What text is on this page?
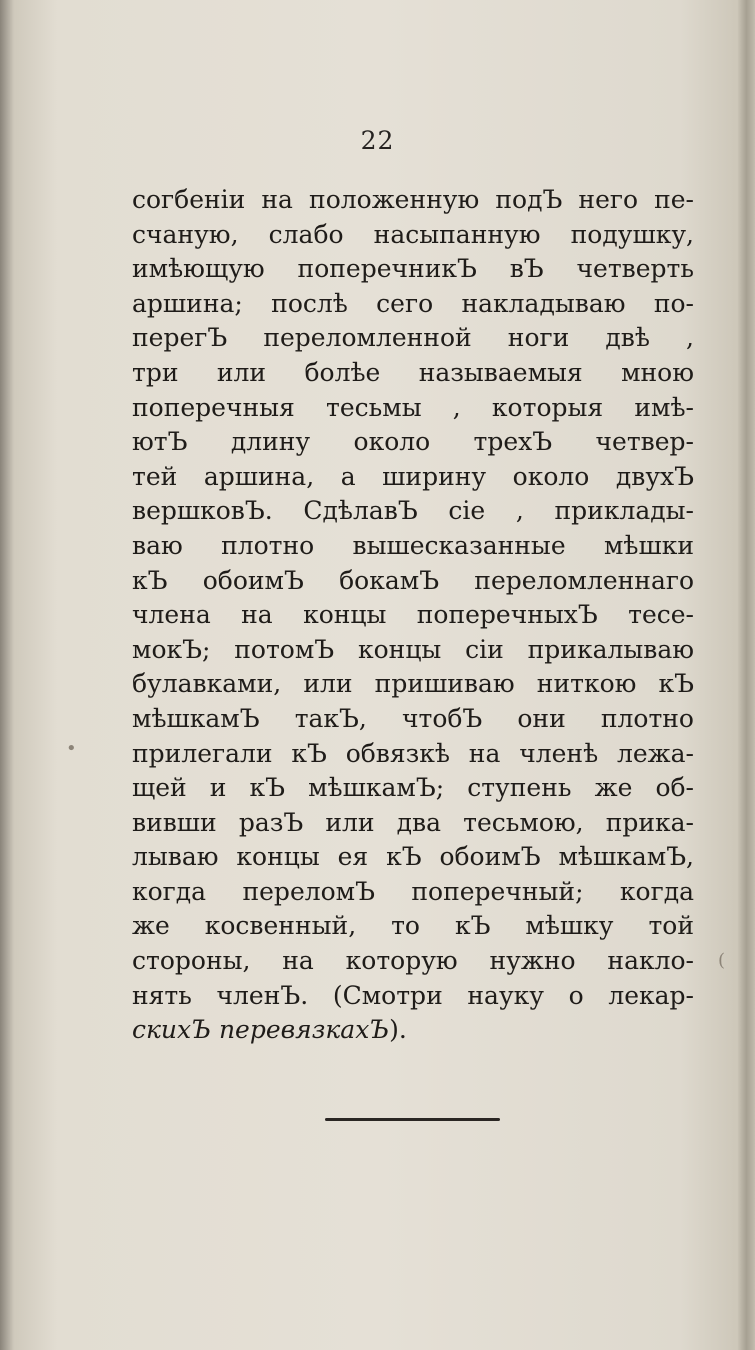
22
согбеніи на положенную подЪ него пе-
счаную, слабо насыпанную подушку,
имѣющую поперечникЪ вЪ четверть
аршина; послѣ сего накладываю по-
перегЪ переломленной ноги двѣ ,
три или болѣе называемыя мною
поперечныя тесьмы , которыя имѣ-
ютЪ длину около трехЪ четвер-
тей аршина, а ширину около двухЪ
вершковЪ. СдѣлавЪ сіе , приклады-
ваю плотно вышесказанные мѣшки
кЪ обоимЪ бокамЪ переломленнаго
члена на концы поперечныхЪ тесе-
мокЪ; потомЪ концы сіи прикалываю
булавками, или пришиваю ниткою кЪ
мѣшкамЪ такЪ, чтобЪ они плотно
прилегали кЪ обвязкѣ на членѣ лежа-
щей и кЪ мѣшкамЪ; ступень же об-
вивши разЪ или два тесьмою, прика-
лываю концы ея кЪ обоимЪ мѣшкамЪ,
когда переломЪ поперечный; когда
же косвенный, то кЪ мѣшку той
стороны, на которую нужно накло-
нять членЪ. (Смотри науку о лекар-
скихЪ перевязкахЪ).
•
(
